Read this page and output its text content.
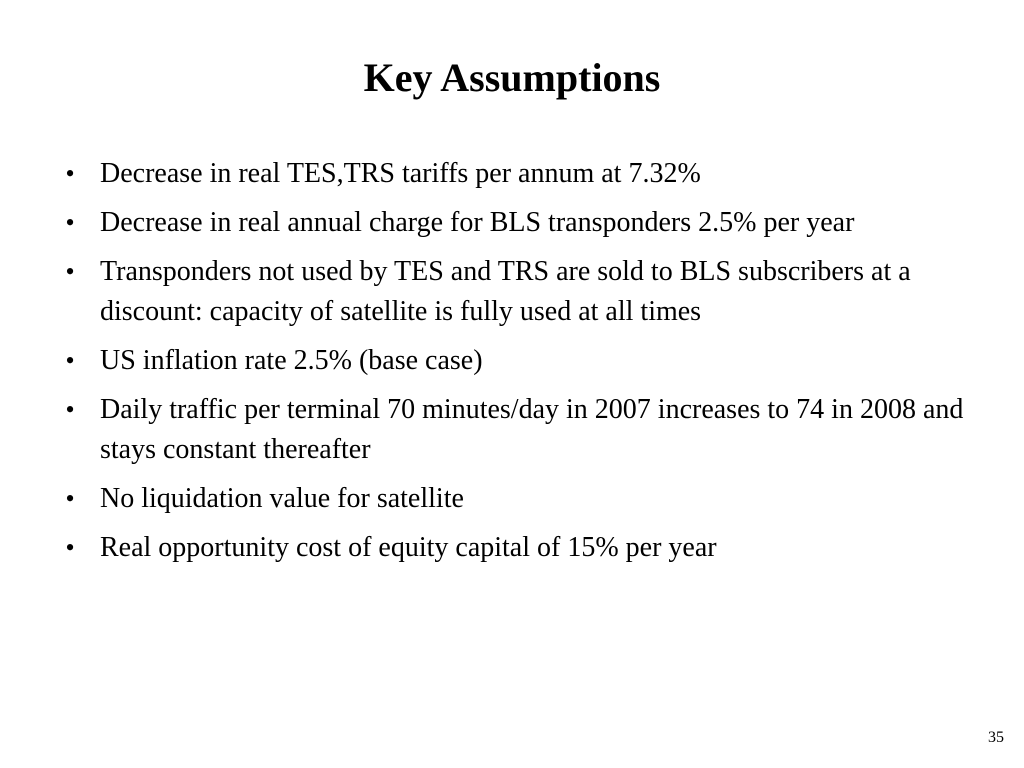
Key Assumptions
• Decrease in real TES,TRS tariffs per annum at 7.32%
• Decrease in real annual charge for BLS transponders 2.5% per year
• Transponders not used by TES and TRS are sold to BLS subscribers at a discount: capacity of satellite is fully used at all times
• US inflation rate 2.5% (base case)
• Daily traffic per terminal 70 minutes/day in 2007 increases to 74 in 2008 and stays constant thereafter
• No liquidation value for satellite
• Real opportunity cost of equity capital of 15% per year
35
